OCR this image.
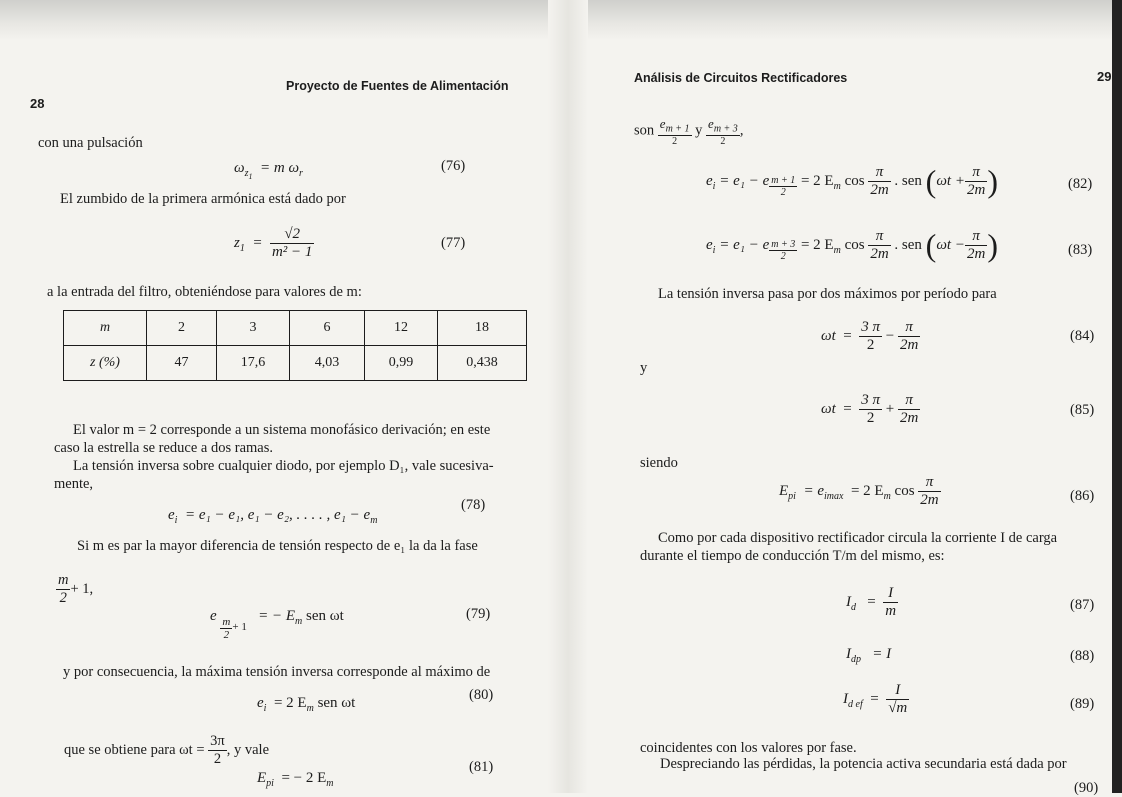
28
Proyecto de Fuentes de Alimentación
con una pulsación
$\omega_{z_1} = m$ $\omega_r$	(76)
El zumbido de la primera armónica está dado por
$z_1 = \frac{√2}{\text{m² − 1}}$	(77)
a la entrada del filtro, obteniéndose para valores de m:
m	2	3	6	12	18
z (%)	47	17,6	4,03	0,99	0,438
El valor m = 2 corresponde a un sistema monofásico derivación; en este
caso la estrella se reduce a dos ramas.
La tensión inversa sobre cualquier diodo, por ejemplo D₁, vale sucesiva-
mente,
$e_i = e_1 - e_1$, e₁ − e₂, . . . . , $e_1 - e_m$
(78)
Si m es par la mayor diferencia de tensión respecto de e₁ la da la fase
$\frac{m}{2} + 1$,
e $\frac{m}{2} _{+ 1}$   = − $E_m$ sen ωt	(79)
y por consecuencia, la máxima tensión inversa corresponde al máximo de
$e_i = 2$ $E_m$ sen ωt	(80)
que se obtiene para $\omega t = \frac{3\pi}{2}$ , y vale
$E_{pi}$ = − 2 $E_m$
(81)
Análisis de Circuitos Rectificadores	29
son $\frac{e_{m + 1}}{2}$ y $\frac{e_{m + 3}}{2}$ ,
$e_i = e_1 - e \frac{m + 1}{2} = 2$ $E_m$ $\cos \frac{\pi}{2m}$ . sen ($\omega t + \frac{\pi}{2m}$ )	(82)
$e_i = e_1 - e \frac{m + 3}{2} = 2$ $E_m$ $\cos \frac{\pi}{2m}$ . sen ($\omega t - \frac{\pi}{2m}$ )	(83)
La tensión inversa pasa por dos máximos por período para
$\omega t = \frac{3 \pi}{2} - \frac{\pi}{2m}$	(84)
y
$\omega t = \frac{3 \pi}{2} + \frac{\pi}{2m}$	(85)
siendo
$E_{pi} = e_{imax} = 2$ $E_m$ $\cos \frac{\pi}{2m}$	(86)
Como por cada dispositivo rectificador circula la corriente I de carga
durante el tiempo de conducción T/m del mismo, es:
$I_d = \frac{I}{m}$	(87)
$I_{dp} = I$	(88)
$I_{d ef} = \frac{I}{√m}$	(89)
coincidentes con los valores por fase.
Despreciando las pérdidas, la potencia activa secundaria está dada por
(90)
